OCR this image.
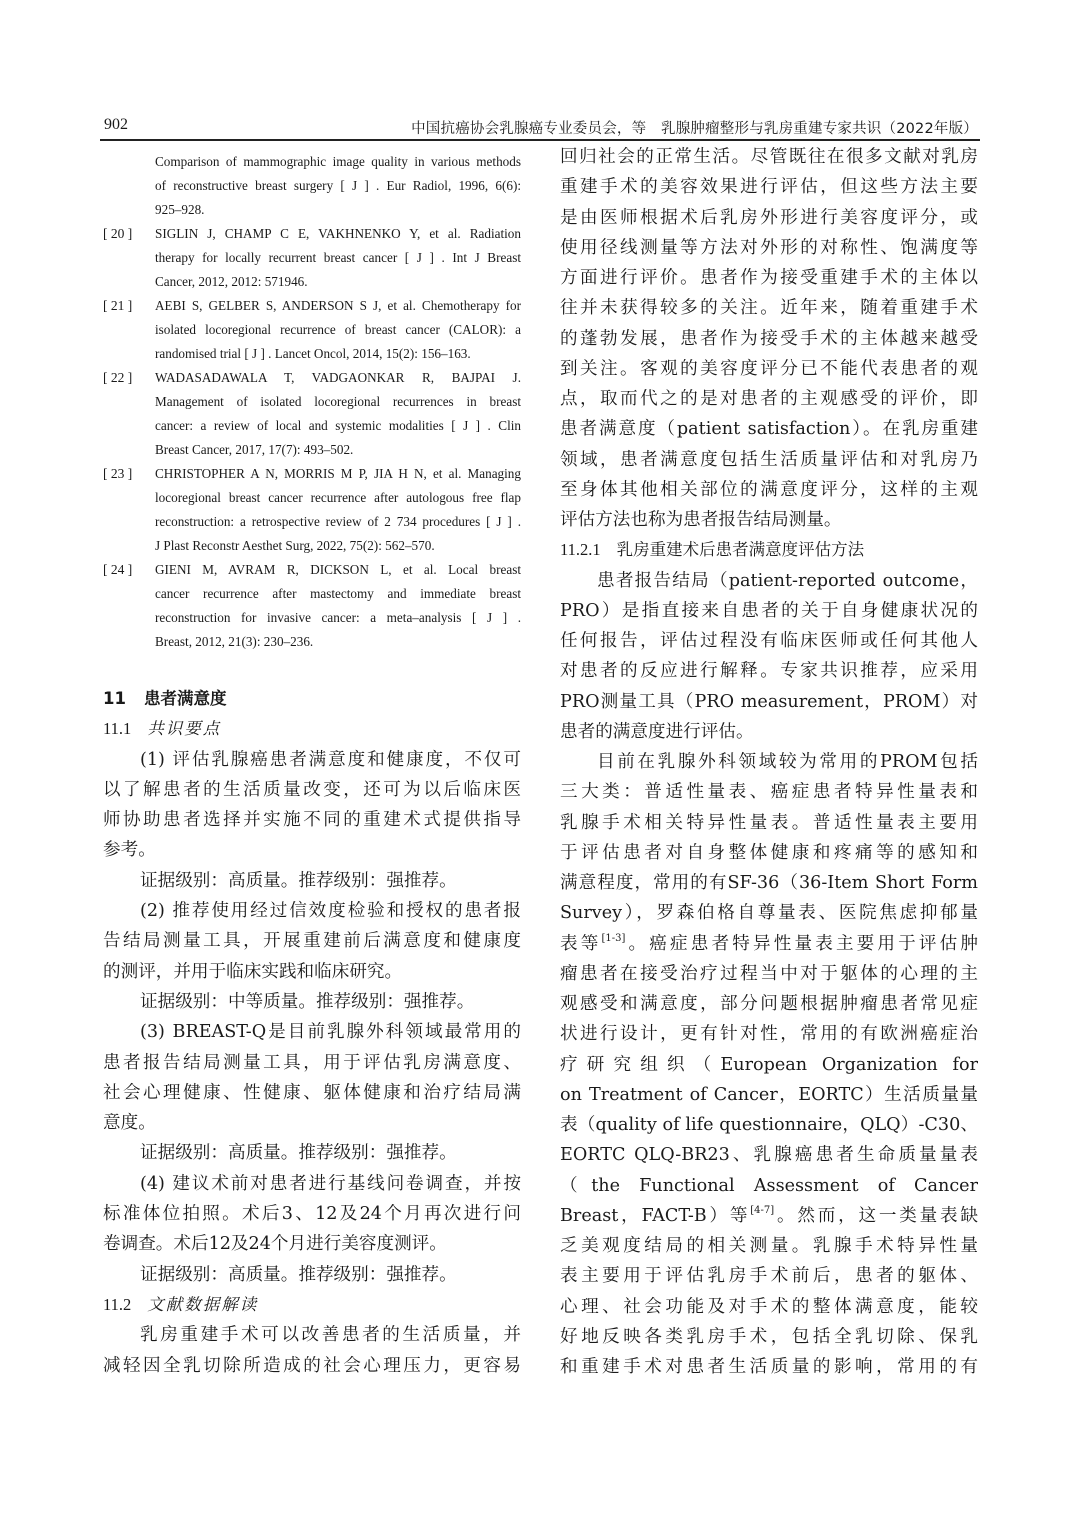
902	中国抗癌协会乳腺癌专业委员会，等　乳腺肿瘤整形与乳房重建专家共识（2022年版）
Comparison of mammographic image quality in various methods
of reconstructive breast surgery [ J ] . Eur Radiol, 1996, 6(6):
925–928.
[ 20 ] SIGLIN J, CHAMP C E, VAKHNENKO Y, et al. Radiation
therapy for locally recurrent breast cancer [ J ] . Int J Breast
Cancer, 2012, 2012: 571946.
[ 21 ] AEBI S, GELBER S, ANDERSON S J, et al. Chemotherapy for
isolated locoregional recurrence of breast cancer (CALOR): a
randomised trial [ J ] . Lancet Oncol, 2014, 15(2): 156–163.
[ 22 ] WADASADAWALA T, VADGAONKAR R, BAJPAI J.
Management of isolated locoregional recurrences in breast
cancer: a review of local and systemic modalities [ J ] . Clin
Breast Cancer, 2017, 17(7): 493–502.
[ 23 ] CHRISTOPHER A N, MORRIS M P, JIA H N, et al. Managing
locoregional breast cancer recurrence after autologous free flap
reconstruction: a retrospective review of 2 734 procedures [ J ] .
J Plast Reconstr Aesthet Surg, 2022, 75(2): 562–570.
[ 24 ] GIENI M, AVRAM R, DICKSON L, et al. Local breast
cancer recurrence after mastectomy and immediate breast
reconstruction for invasive cancer: a meta–analysis [ J ] .
Breast, 2012, 21(3): 230–236.
11 患者满意度
11.1 共识要点
(1) 评估乳腺癌患者满意度和健康度，不仅可
以了解患者的生活质量改变，还可为以后临床医
师协助患者选择并实施不同的重建术式提供指导
参考。
证据级别：高质量。推荐级别：强推荐。
(2) 推荐使用经过信效度检验和授权的患者报
告结局测量工具，开展重建前后满意度和健康度
的测评，并用于临床实践和临床研究。
证据级别：中等质量。推荐级别：强推荐。
(3) BREAST-Q是目前乳腺外科领域最常用的
患者报告结局测量工具，用于评估乳房满意度、
社会心理健康、性健康、躯体健康和治疗结局满
意度。
证据级别：高质量。推荐级别：强推荐。
(4) 建议术前对患者进行基线问卷调查，并按
标准体位拍照。术后3、12及24个月再次进行问
卷调查。术后12及24个月进行美容度测评。
证据级别：高质量。推荐级别：强推荐。
11.2 文献数据解读
乳房重建手术可以改善患者的生活质量，并
减轻因全乳切除所造成的社会心理压力，更容易
回归社会的正常生活。尽管既往在很多文献对乳房
重建手术的美容效果进行评估，但这些方法主要
是由医师根据术后乳房外形进行美容度评分，或
使用径线测量等方法对外形的对称性、饱满度等
方面进行评价。患者作为接受重建手术的主体以
往并未获得较多的关注。近年来，随着重建手术
的蓬勃发展，患者作为接受手术的主体越来越受
到关注。客观的美容度评分已不能代表患者的观
点，取而代之的是对患者的主观感受的评价，即
患者满意度（patient satisfaction）。在乳房重建
领域，患者满意度包括生活质量评估和对乳房乃
至身体其他相关部位的满意度评分，这样的主观
评估方法也称为患者报告结局测量。
11.2.1 乳房重建术后患者满意度评估方法
患者报告结局（patient-reported outcome，
PRO）是指直接来自患者的关于自身健康状况的
任何报告，评估过程没有临床医师或任何其他人
对患者的反应进行解释。专家共识推荐，应采用
PRO测量工具（PRO measurement，PROM）对
患者的满意度进行评估。
目前在乳腺外科领域较为常用的PROM包括
三大类：普适性量表、癌症患者特异性量表和
乳腺手术相关特异性量表。普适性量表主要用
于评估患者对自身整体健康和疼痛等的感知和
满意程度，常用的有SF-36（36-Item Short Form
Survey），罗森伯格自尊量表、医院焦虑抑郁量
表等[1-3]。癌症患者特异性量表主要用于评估肿
瘤患者在接受治疗过程当中对于躯体的心理的主
观感受和满意度，部分问题根据肿瘤患者常见症
状进行设计，更有针对性，常用的有欧洲癌症治
疗研究组织（European Organization for
on Treatment of Cancer，EORTC）生活质量量
表（quality of life questionnaire，QLQ）-C30、
EORTC QLQ-BR23、乳腺癌患者生命质量量表
（the Functional Assessment of Cancer
Breast，FACT-B）等[4-7]。然而，这一类量表缺
乏美观度结局的相关测量。乳腺手术特异性量
表主要用于评估乳房手术前后，患者的躯体、
心理、社会功能及对手术的整体满意度，能较
好地反映各类乳房手术，包括全乳切除、保乳
和重建手术对患者生活质量的影响，常用的有
